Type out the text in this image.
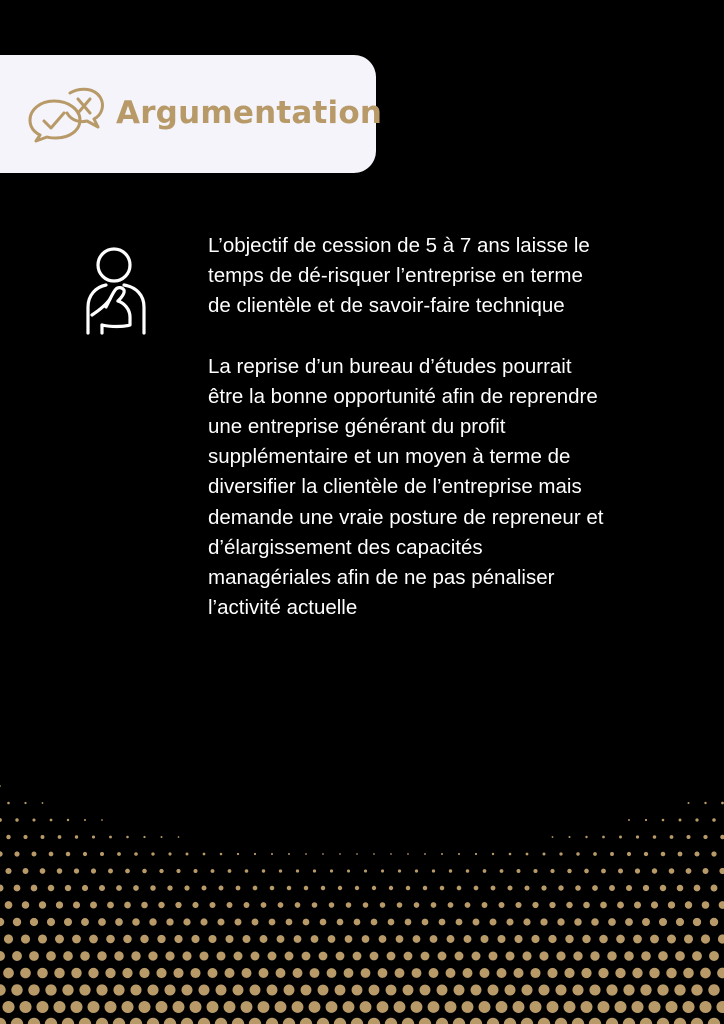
Argumentation

L’objectif de cession de 5 à 7 ans laisse le
temps de dé-risquer l’entreprise en terme
de clientèle et de savoir-faire technique

La reprise d’un bureau d’études pourrait
être la bonne opportunité afin de reprendre
une entreprise générant du profit
supplémentaire et un moyen à terme de
diversifier la clientèle de l’entreprise mais
demande une vraie posture de repreneur et
d’élargissement des capacités
managériales afin de ne pas pénaliser
l’activité actuelle
